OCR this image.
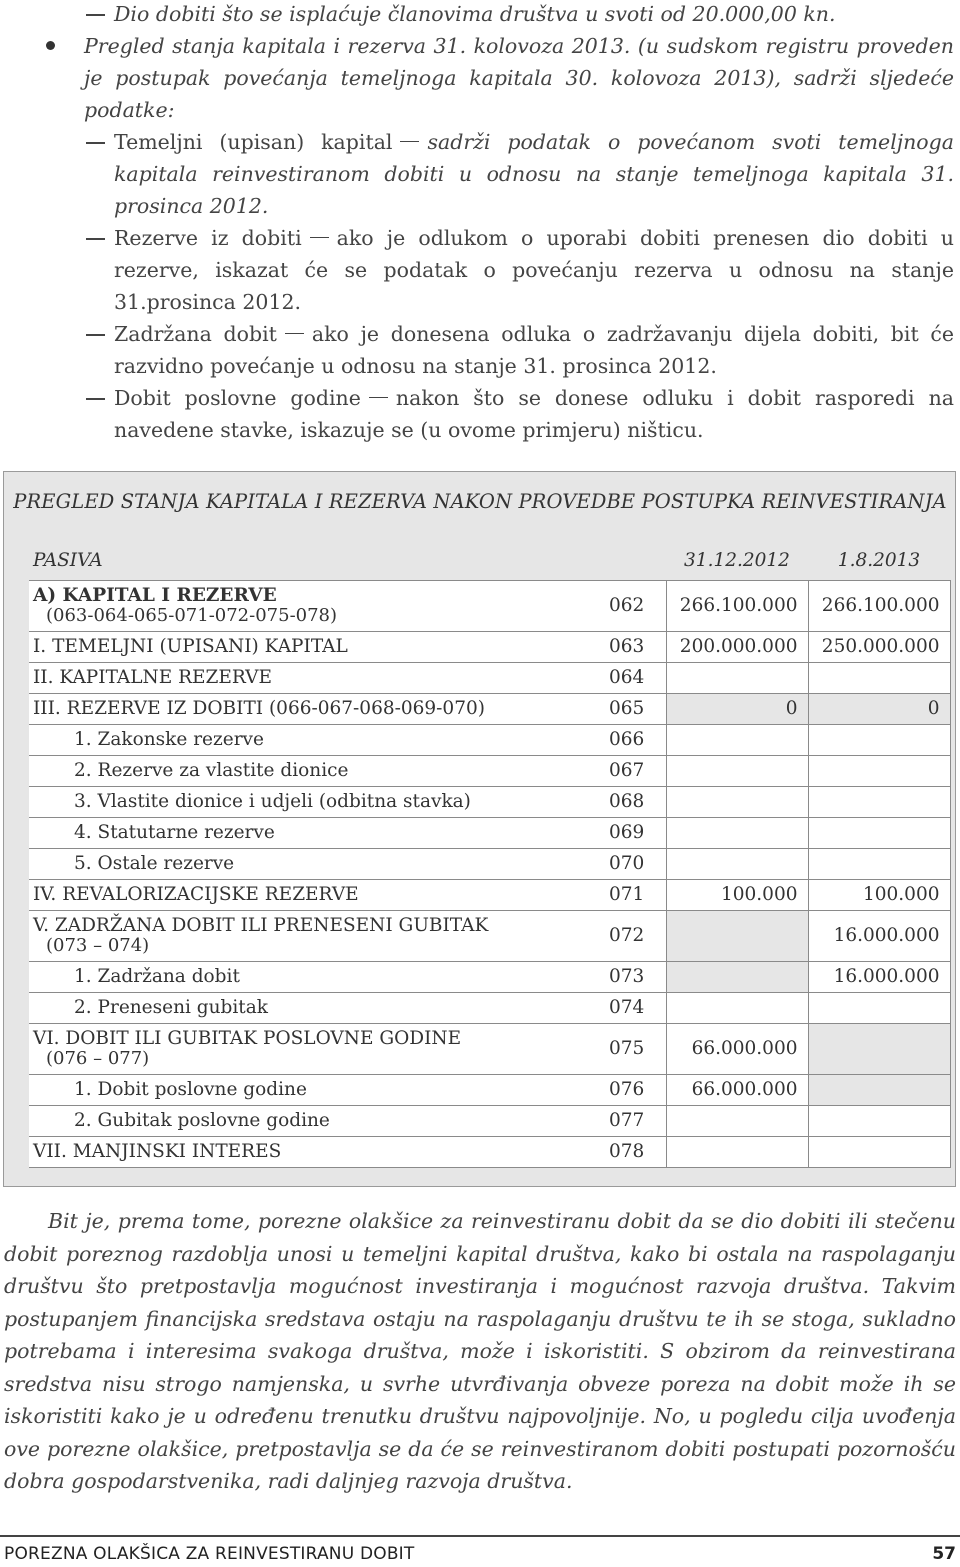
Dio dobiti što se isplaćuje članovima društva u svoti od 20.000,00 kn.
Pregled stanja kapitala i rezerva 31. kolovoza 2013. (u sudskom registru proveden je postupak povećanja temeljnoga kapitala 30. kolovoza 2013), sadrži sljedeće podatke:
Temeljni (upisan) kapital sadrži podatak o povećanom svoti temeljnoga kapitala reinvestiranom dobiti u odnosu na stanje temeljnoga kapitala 31. prosinca 2012.
Rezerve iz dobiti ako je odlukom o uporabi dobiti prenesen dio dobiti u rezerve, iskazat će se podatak o povećanju rezerva u odnosu na stanje 31.prosinca 2012.
Zadržana dobit ako je donesena odluka o zadržavanju dijela dobiti, bit će razvidno povećanje u odnosu na stanje 31. prosinca 2012.
Dobit poslovne godine nakon što se donese odluku i dobit rasporedi na navedene stavke, iskazuje se (u ovome primjeru) ništicu.
PREGLED STANJA KAPITALA I REZERVA NAKON PROVEDBE POSTUPKA REINVESTIRANJA
PASIVA		31.12.2012	1.8.2013
A) KAPITAL I REZERVE
(063-064-065-071-072-075-078)	062	266.100.000	266.100.000
I. TEMELJNI (UPISANI) KAPITAL	063	200.000.000	250.000.000
II. KAPITALNE REZERVE	064		
III. REZERVE IZ DOBITI (066-067-068-069-070)	065	0	0
1. Zakonske rezerve	066		
2. Rezerve za vlastite dionice	067		
3. Vlastite dionice i udjeli (odbitna stavka)	068		
4. Statutarne rezerve	069		
5. Ostale rezerve	070		
IV. REVALORIZACIJSKE REZERVE	071	100.000	100.000
V. ZADRŽANA DOBIT ILI PRENESENI GUBITAK
(073 – 074)	072		16.000.000
1. Zadržana dobit	073		16.000.000
2. Preneseni gubitak	074		
VI. DOBIT ILI GUBITAK POSLOVNE GODINE
(076 – 077)	075	66.000.000	
1. Dobit poslovne godine	076	66.000.000	
2. Gubitak poslovne godine	077		
VII. MANJINSKI INTERES	078		
Bit je, prema tome, porezne olakšice za reinvestiranu dobit da se dio dobiti ili stečenu dobit poreznog razdoblja unosi u temeljni kapital društva, kako bi ostala na raspolaganju društvu što pretpostavlja mogućnost investiranja i mogućnost razvoja društva. Takvim postupanjem financijska sredstava ostaju na raspolaganju društvu te ih se stoga, sukladno potrebama i interesima svakoga društva, može i iskoristiti. S obzirom da reinvestirana sredstva nisu strogo namjenska, u svrhe utvrđivanja obveze poreza na dobit može ih se iskoristiti kako je u određenu trenutku društvu najpovoljnije. No, u pogledu cilja uvođenja ove porezne olakšice, pretpostavlja se da će se reinvestiranom dobiti postupati pozornošću dobra gospodarstvenika, radi daljnjeg razvoja društva.
POREZNA OLAKŠICA ZA REINVESTIRANU DOBIT	57
